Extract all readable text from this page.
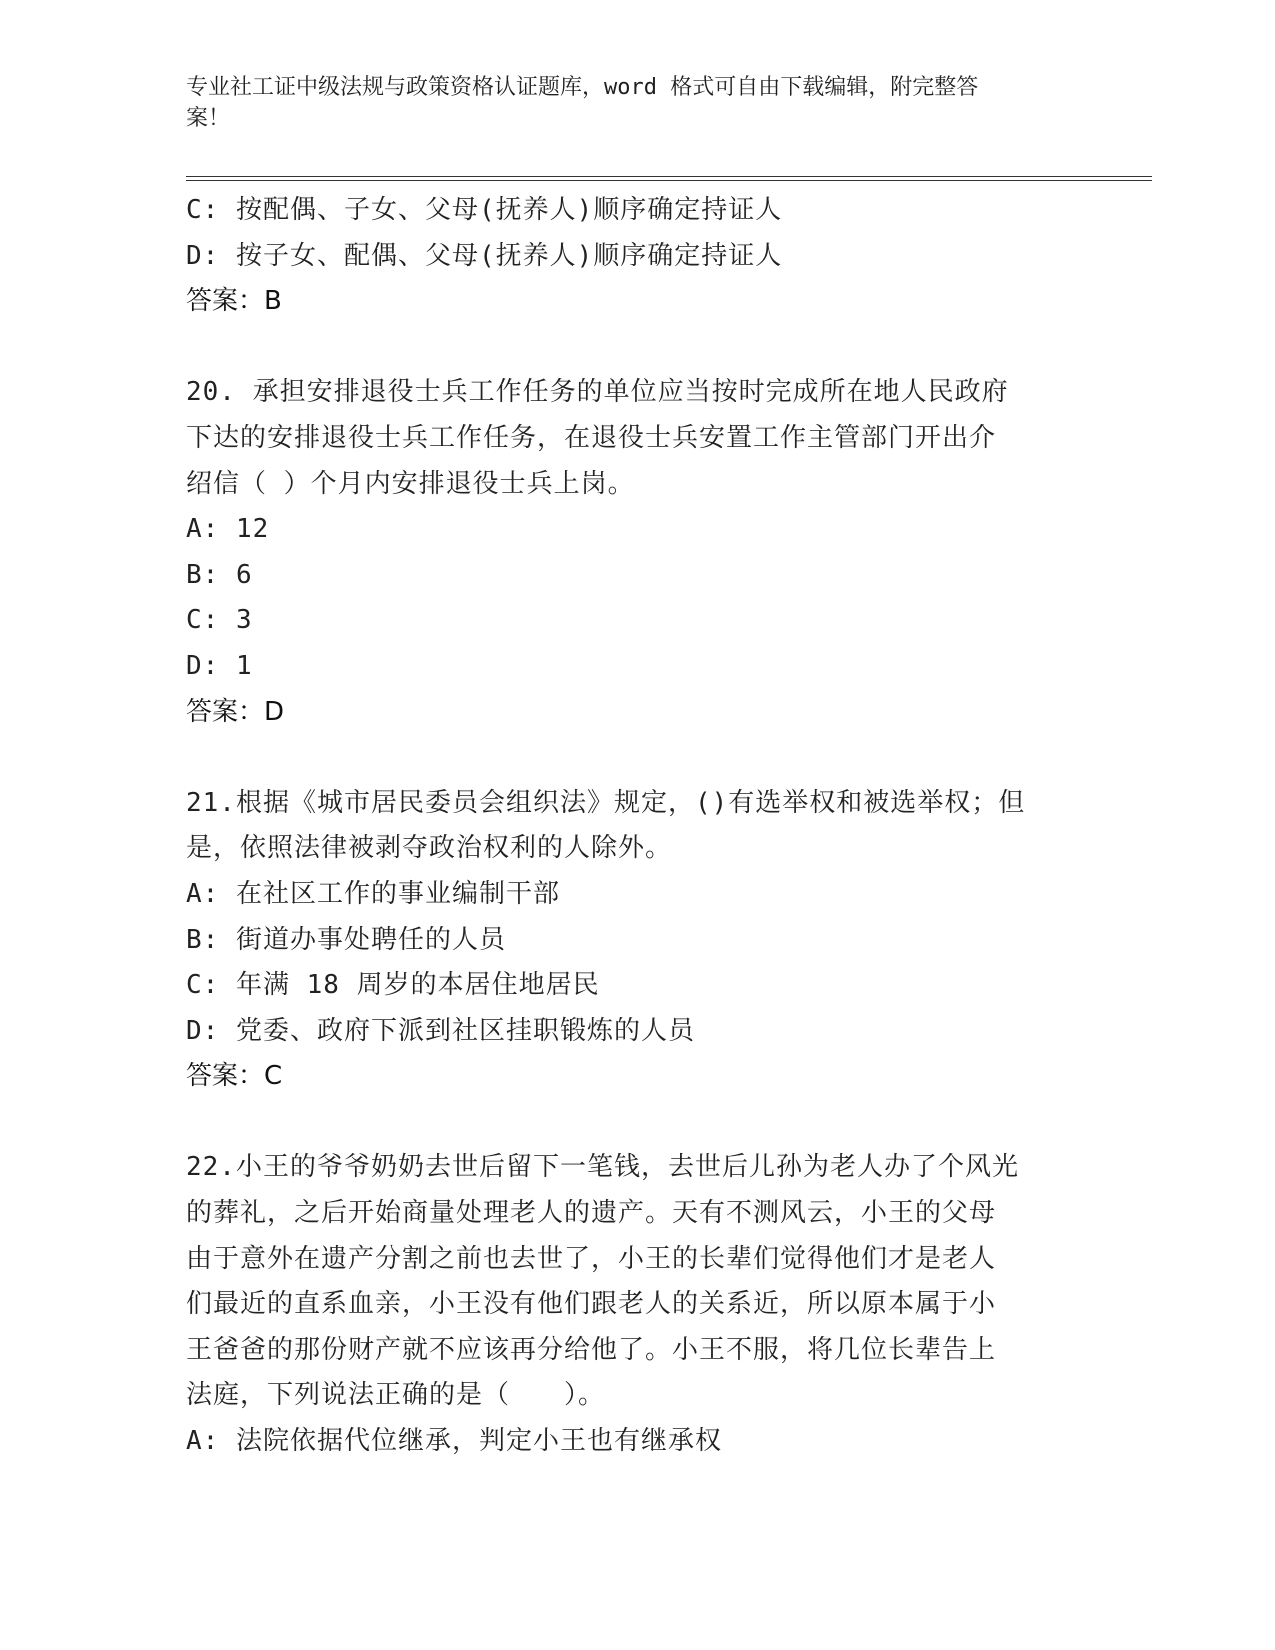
专业社工证中级法规与政策资格认证题库，word 格式可自由下载编辑，附完整答
案！
C: 按配偶、子女、父母(抚养人)顺序确定持证人
D: 按子女、配偶、父母(抚养人)顺序确定持证人
答案：B
20. 承担安排退役士兵工作任务的单位应当按时完成所在地人民政府
下达的安排退役士兵工作任务，在退役士兵安置工作主管部门开出介
绍信（ ）个月内安排退役士兵上岗。
A: 12
B: 6
C: 3
D: 1
答案：D
21.根据《城市居民委员会组织法》规定，()有选举权和被选举权；但
是，依照法律被剥夺政治权利的人除外。
A: 在社区工作的事业编制干部
B: 街道办事处聘任的人员
C: 年满 18 周岁的本居住地居民
D: 党委、政府下派到社区挂职锻炼的人员
答案：C
22.小王的爷爷奶奶去世后留下一笔钱，去世后儿孙为老人办了个风光
的葬礼，之后开始商量处理老人的遗产。天有不测风云，小王的父母
由于意外在遗产分割之前也去世了，小王的长辈们觉得他们才是老人
们最近的直系血亲，小王没有他们跟老人的关系近，所以原本属于小
王爸爸的那份财产就不应该再分给他了。小王不服，将几位长辈告上
法庭，下列说法正确的是（　　）。
A: 法院依据代位继承，判定小王也有继承权
